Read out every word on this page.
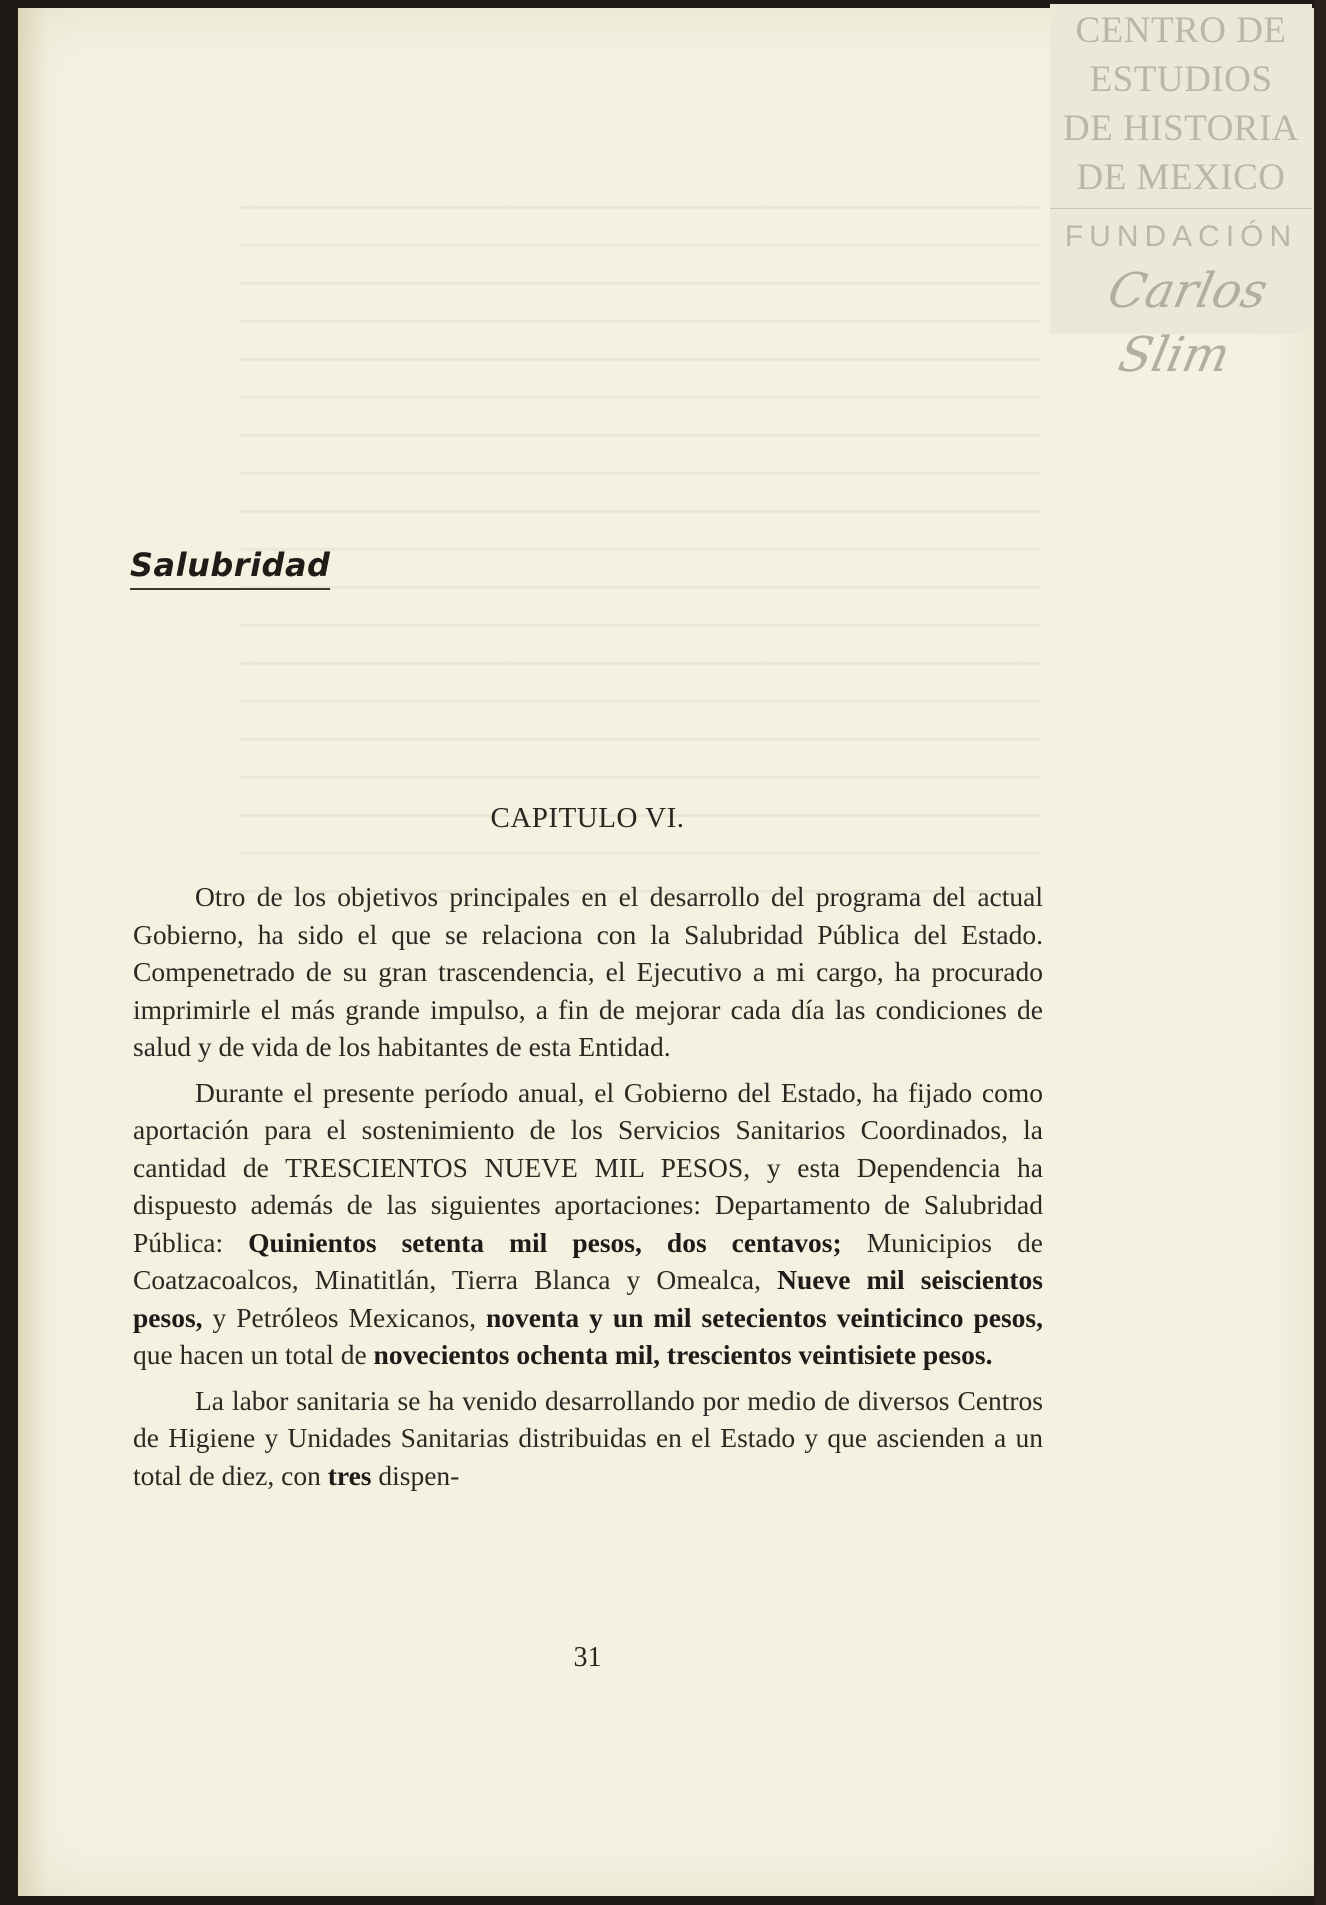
CENTRO DE
ESTUDIOS
DE HISTORIA
DE MEXICO
FUNDACIÓN
Carlos Slim
Salubridad
CAPITULO VI.

Otro de los objetivos principales en el desarrollo del programa del actual Gobierno, ha sido el que se relaciona con la Salubridad Pública del Estado. Compenetrado de su gran trascendencia, el Ejecutivo a mi cargo, ha procurado imprimirle el más grande impulso, a fin de mejorar cada día las condiciones de salud y de vida de los habitantes de esta Entidad.

Durante el presente período anual, el Gobierno del Estado, ha fijado como aportación para el sostenimiento de los Servicios Sanitarios Coordinados, la cantidad de TRESCIENTOS NUEVE MIL PESOS, y esta Dependencia ha dispuesto además de las siguientes aportaciones: Departamento de Salubridad Pública: Quinientos setenta mil pesos, dos centavos; Municipios de Coatzacoalcos, Minatitlán, Tierra Blanca y Omealca, Nueve mil seiscientos pesos, y Petróleos Mexicanos, noventa y un mil setecientos veinticinco pesos, que hacen un total de novecientos ochenta mil, trescientos veintisiete pesos.

La labor sanitaria se ha venido desarrollando por medio de diversos Centros de Higiene y Unidades Sanitarias distribuidas en el Estado y que ascienden a un total de diez, con tres dispen-

31
